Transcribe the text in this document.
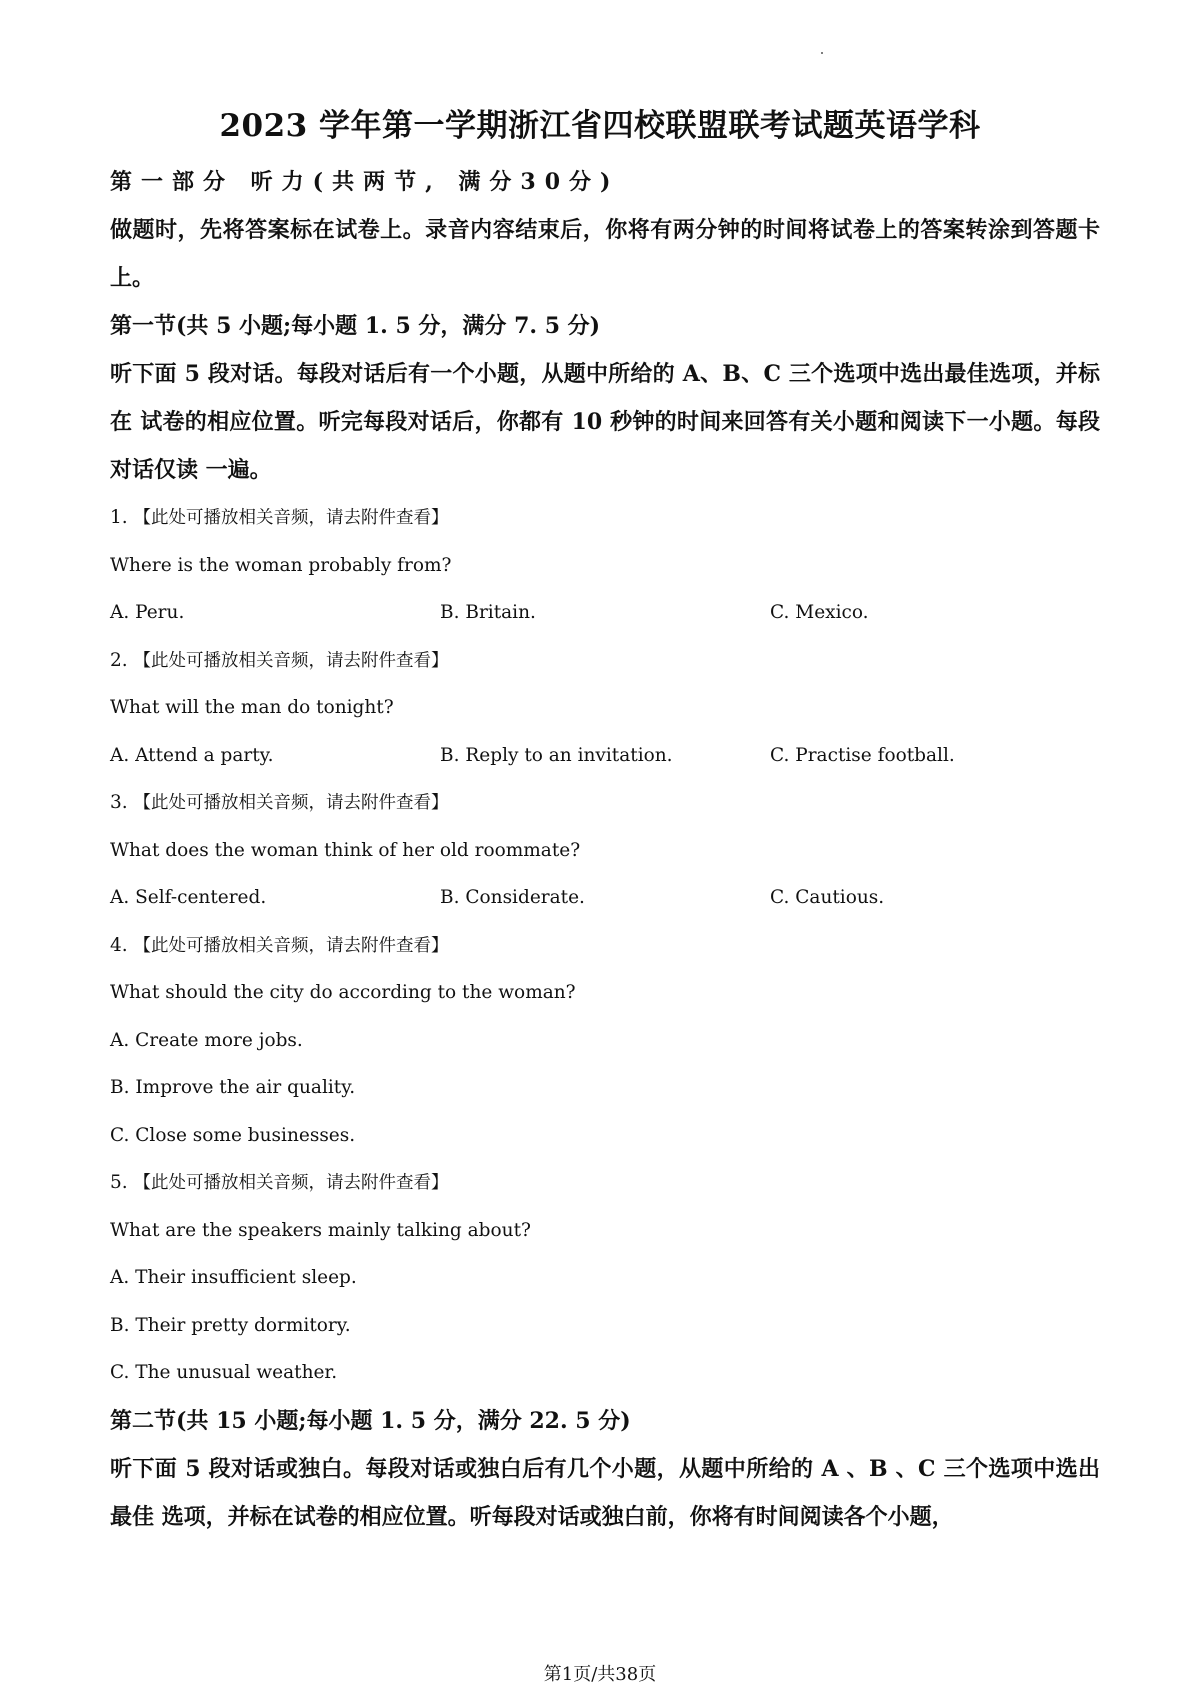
2023 学年第一学期浙江省四校联盟联考试题英语学科
第一部分 听力(共两节, 满分30分)
做题时，先将答案标在试卷上。录音内容结束后，你将有两分钟的时间将试卷上的答案转涂到答题卡 上。
第一节(共 5 小题;每小题 1. 5 分，满分 7. 5 分)
听下面 5 段对话。每段对话后有一个小题，从题中所给的 A、B、C 三个选项中选出最佳选项，并标在 试卷的相应位置。听完每段对话后，你都有 10 秒钟的时间来回答有关小题和阅读下一小题。每段对话仅读 一遍。
1. 【此处可播放相关音频，请去附件查看】
Where is the woman probably from?
A. Peru.	B. Britain.	C. Mexico.
2. 【此处可播放相关音频，请去附件查看】
What will the man do tonight?
A. Attend a party.	B. Reply to an invitation.	C. Practise football.
3. 【此处可播放相关音频，请去附件查看】
What does the woman think of her old roommate?
A. Self-centered.	B. Considerate.	C. Cautious.
4. 【此处可播放相关音频，请去附件查看】
What should the city do according to the woman?
A. Create more jobs.
B. Improve the air quality.
C. Close some businesses.
5. 【此处可播放相关音频，请去附件查看】
What are the speakers mainly talking about?
A. Their insufficient sleep.
B. Their pretty dormitory.
C. The unusual weather.
第二节(共 15 小题;每小题 1. 5 分，满分 22. 5 分)
听下面 5 段对话或独白。每段对话或独白后有几个小题，从题中所给的 A 、B 、C 三个选项中选出最佳 选项，并标在试卷的相应位置。听每段对话或独白前，你将有时间阅读各个小题，
第1页/共38页
